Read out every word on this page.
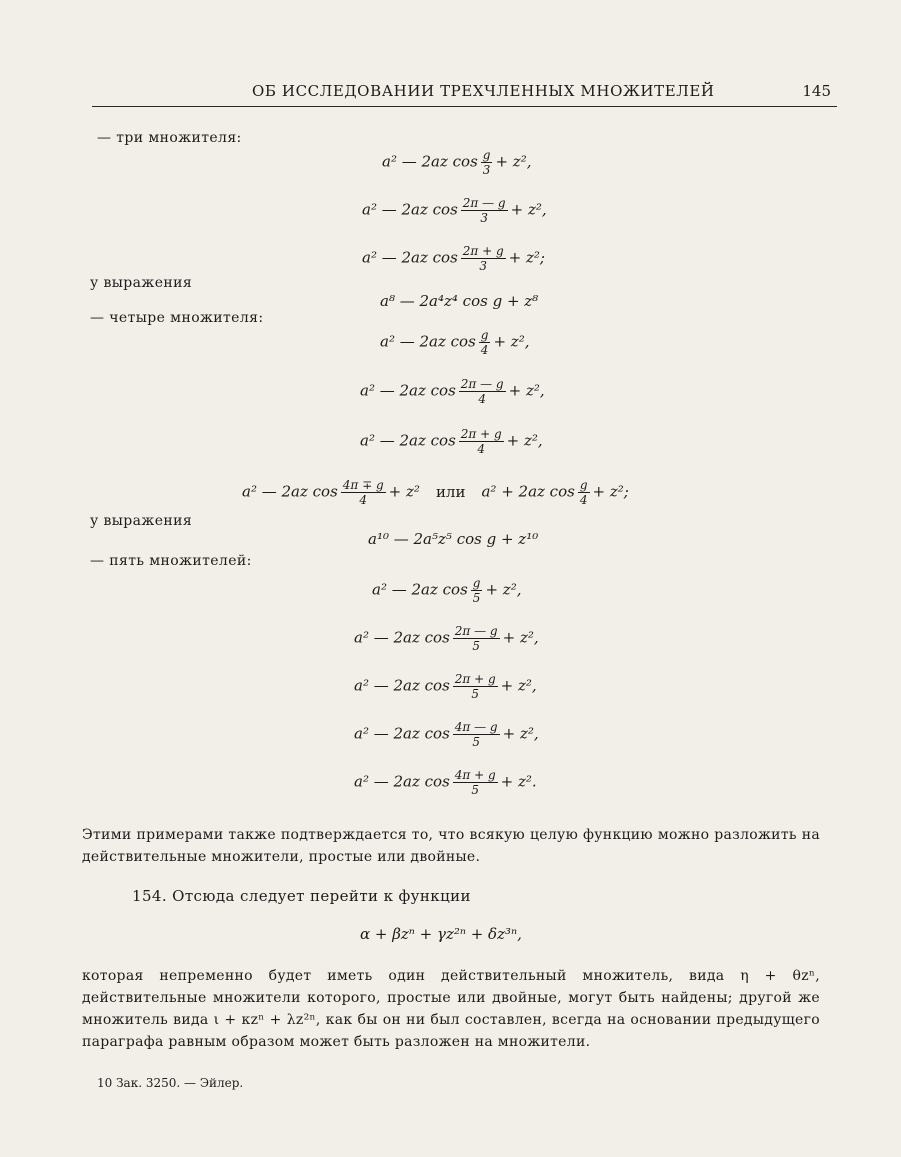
ОБ ИССЛЕДОВАНИИ ТРЕХЧЛЕННЫХ МНОЖИТЕЛЕЙ	145
— три множителя:
a² — 2az $\cos \frac{g}{3} + z^2$,
a² — 2az $\cos \frac{2\pi — g}{3} + z^2$,
a² — 2az $\cos \frac{2\pi + g}{3} + z^2$;
у выражения
a⁸ — 2a⁴z⁴ cos g + z⁸
— четыре множителя:
a² — 2az $\cos \frac{g}{4} + z^2$,
a² — 2az $\cos \frac{2\pi — g}{4} + z^2$,
a² — 2az $\cos \frac{2\pi + g}{4} + z^2$,
a² — 2az $\cos \frac{4\pi \mp g}{4} + z^2$ или a² + 2az $\cos \frac{g}{4} + z^2$;
у выражения
a¹⁰ — 2a⁵z⁵ cos g + z¹⁰
— пять множителей:
a² — 2az $\cos \frac{g}{5} + z^2$,
a² — 2az $\cos \frac{2\pi — g}{5} + z^2$,
a² — 2az $\cos \frac{2\pi + g}{5} + z^2$,
a² — 2az $\cos \frac{4\pi — g}{5} + z^2$,
a² — 2az $\cos \frac{4\pi + g}{5} + z^2$.
Этими примерами также подтверждается то, что всякую целую функцию можно разложить на действительные множители, простые или двойные.
154. Отсюда следует перейти к функции
α + βzⁿ + γz²ⁿ + δz³ⁿ,
которая непременно будет иметь один действительный множитель, вида η + θzⁿ, действительные множители которого, простые или двойные, могут быть найдены; другой же множитель вида ι + κzⁿ + λz²ⁿ, как бы он ни был составлен, всегда на основании предыдущего параграфа равным образом может быть разложен на множители.
10 Зак. 3250. — Эйлер.
